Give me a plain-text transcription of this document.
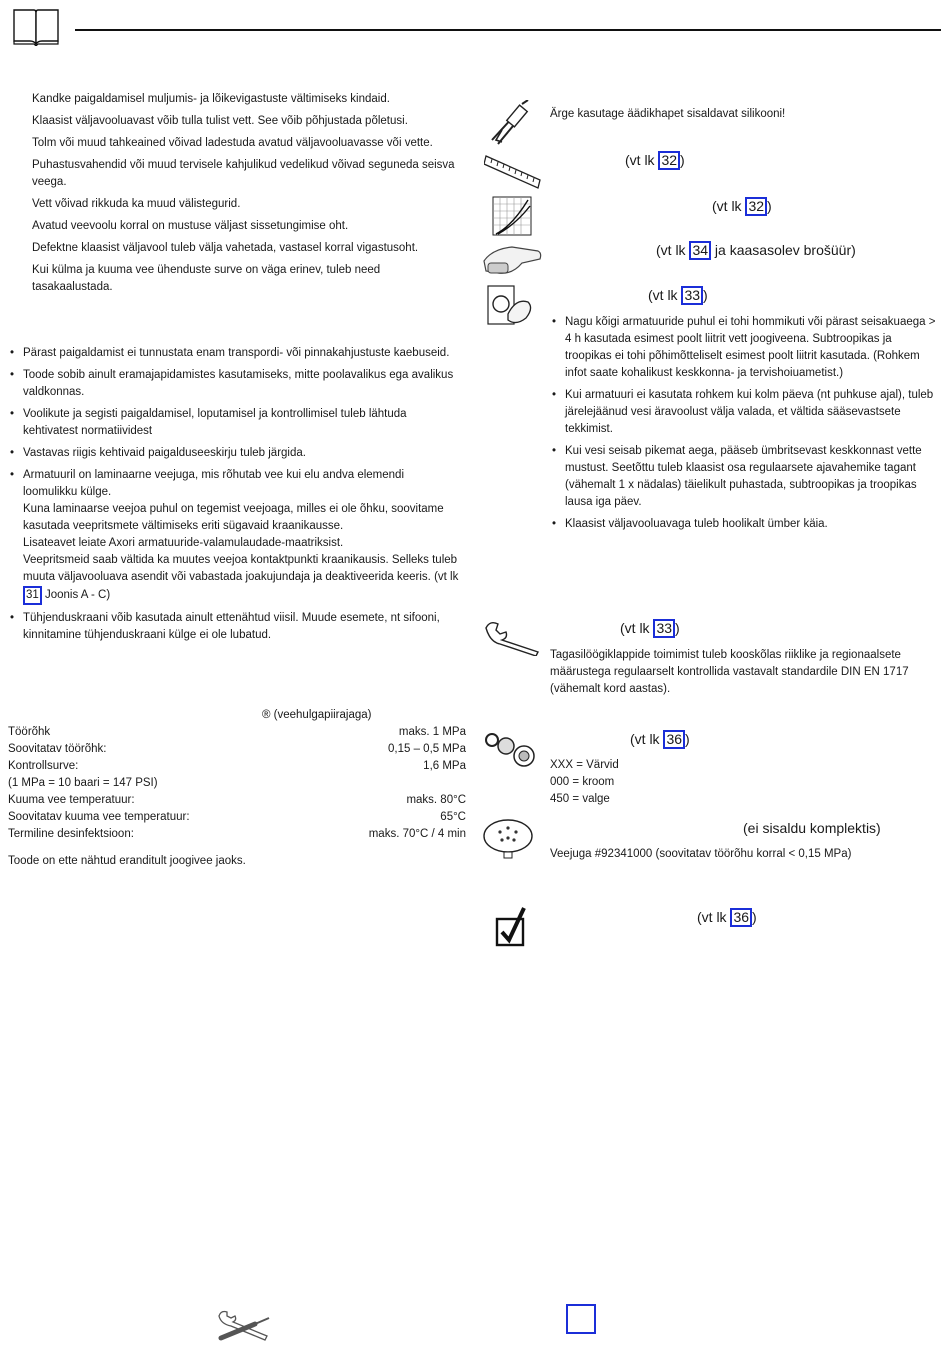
Kandke paigaldamisel muljumis- ja lõikevigastuste vältimiseks kindaid.

Klaasist väljavooluavast võib tulla tulist vett. See võib põhjustada põletusi.

Tolm või muud tahkeained võivad ladestuda avatud väljavooluavasse või vette.

Puhastusvahendid või muud tervisele kahjulikud vedelikud võivad seguneda seisva veega.

Vett võivad rikkuda ka muud välistegurid.

Avatud veevoolu korral on mustuse väljast sissetungimise oht.

Defektne klaasist väljavool tuleb välja vahetada, vastasel korral vigastusoht.

Kui külma ja kuuma vee ühenduste surve on väga erinev, tuleb need tasakaalustada.

• Pärast paigaldamist ei tunnustata enam transpordi- või pinnakahjustuste kaebuseid.
• Toode sobib ainult eramajapidamistes kasutamiseks, mitte poolavalikus ega avalikus valdkonnas.
• Voolikute ja segisti paigaldamisel, loputamisel ja kontrollimisel tuleb lähtuda kehtivatest normatiividest
• Vastavas riigis kehtivaid paigalduseeskirju tuleb järgida.
• Armatuuril on laminaarne veejuga, mis rõhutab vee kui elu andva elemendi loomulikku külge.
Kuna laminaarse veejoa puhul on tegemist veejoaga, milles ei ole õhku, soovitame kasutada veepritsmete vältimiseks eriti sügavaid kraanikausse.
Lisateavet leiate Axori armatuuride-valamulaudade-maatriksist.
Veepritsmeid saab vältida ka muutes veejoa kontaktpunkti kraanikausis. Selleks tuleb muuta väljavooluava asendit või vabastada joakujundaja ja deaktiveerida keeris. (vt lk 31 Joonis A - C)
• Tühjenduskraani võib kasutada ainult ettenähtud viisil. Muude esemete, nt sifooni, kinnitamine tühjenduskraani külge ei ole lubatud.
® (veehulgapiirajaga)
Töörõhk	maks. 1 MPa
Soovitatav töörõhk:	0,15 – 0,5 MPa
Kontrollsurve:	1,6 MPa
(1 MPa = 10 baari = 147 PSI)
Kuuma vee temperatuur:	maks. 80°C
Soovitatav kuuma vee temperatuur:	65°C
Termiline desinfektsioon:	maks. 70°C / 4 min
Toode on ette nähtud eranditult joogivee jaoks.
Ärge kasutage äädikhapet sisaldavat silikooni!
(vt lk 32 )
(vt lk 32 )
(vt lk 34 ja kaasasolev brošüür)
(vt lk 33 )
• Nagu kõigi armatuuride puhul ei tohi hommikuti või pärast seisakuaega > 4 h kasutada esimest poolt liitrit vett joogiveena. Subtroopikas ja troopikas ei tohi põhimõtteliselt esimest poolt liitrit kasutada. (Rohkem infot saate kohalikust keskkonna- ja tervishoiuametist.)
• Kui armatuuri ei kasutata rohkem kui kolm päeva (nt puhkuse ajal), tuleb järelejäänud vesi äravoolust välja valada, et vältida sääsevastsete tekkimist.
• Kui vesi seisab pikemat aega, pääseb ümbritsevast keskkonnast vette mustust. Seetõttu tuleb klaasist osa regulaarsete ajavahemike tagant (vähemalt 1 x nädalas) täielikult puhastada, subtroopikas ja troopikas lausa iga päev.
• Klaasist väljavooluavaga tuleb hoolikalt ümber käia.
(vt lk 33 )
Tagasilöögiklappide toimimist tuleb kooskõlas riiklike ja regionaalsete määrustega regulaarselt kontrollida vastavalt standardile DIN EN 1717 (vähemalt kord aastas).
(vt lk 36 )
XXX = Värvid
000 = kroom
450 = valge
(ei sisaldu komplektis)
Veejuga #92341000 (soovitatav töörõhu korral < 0,15 MPa)
(vt lk 36 )
